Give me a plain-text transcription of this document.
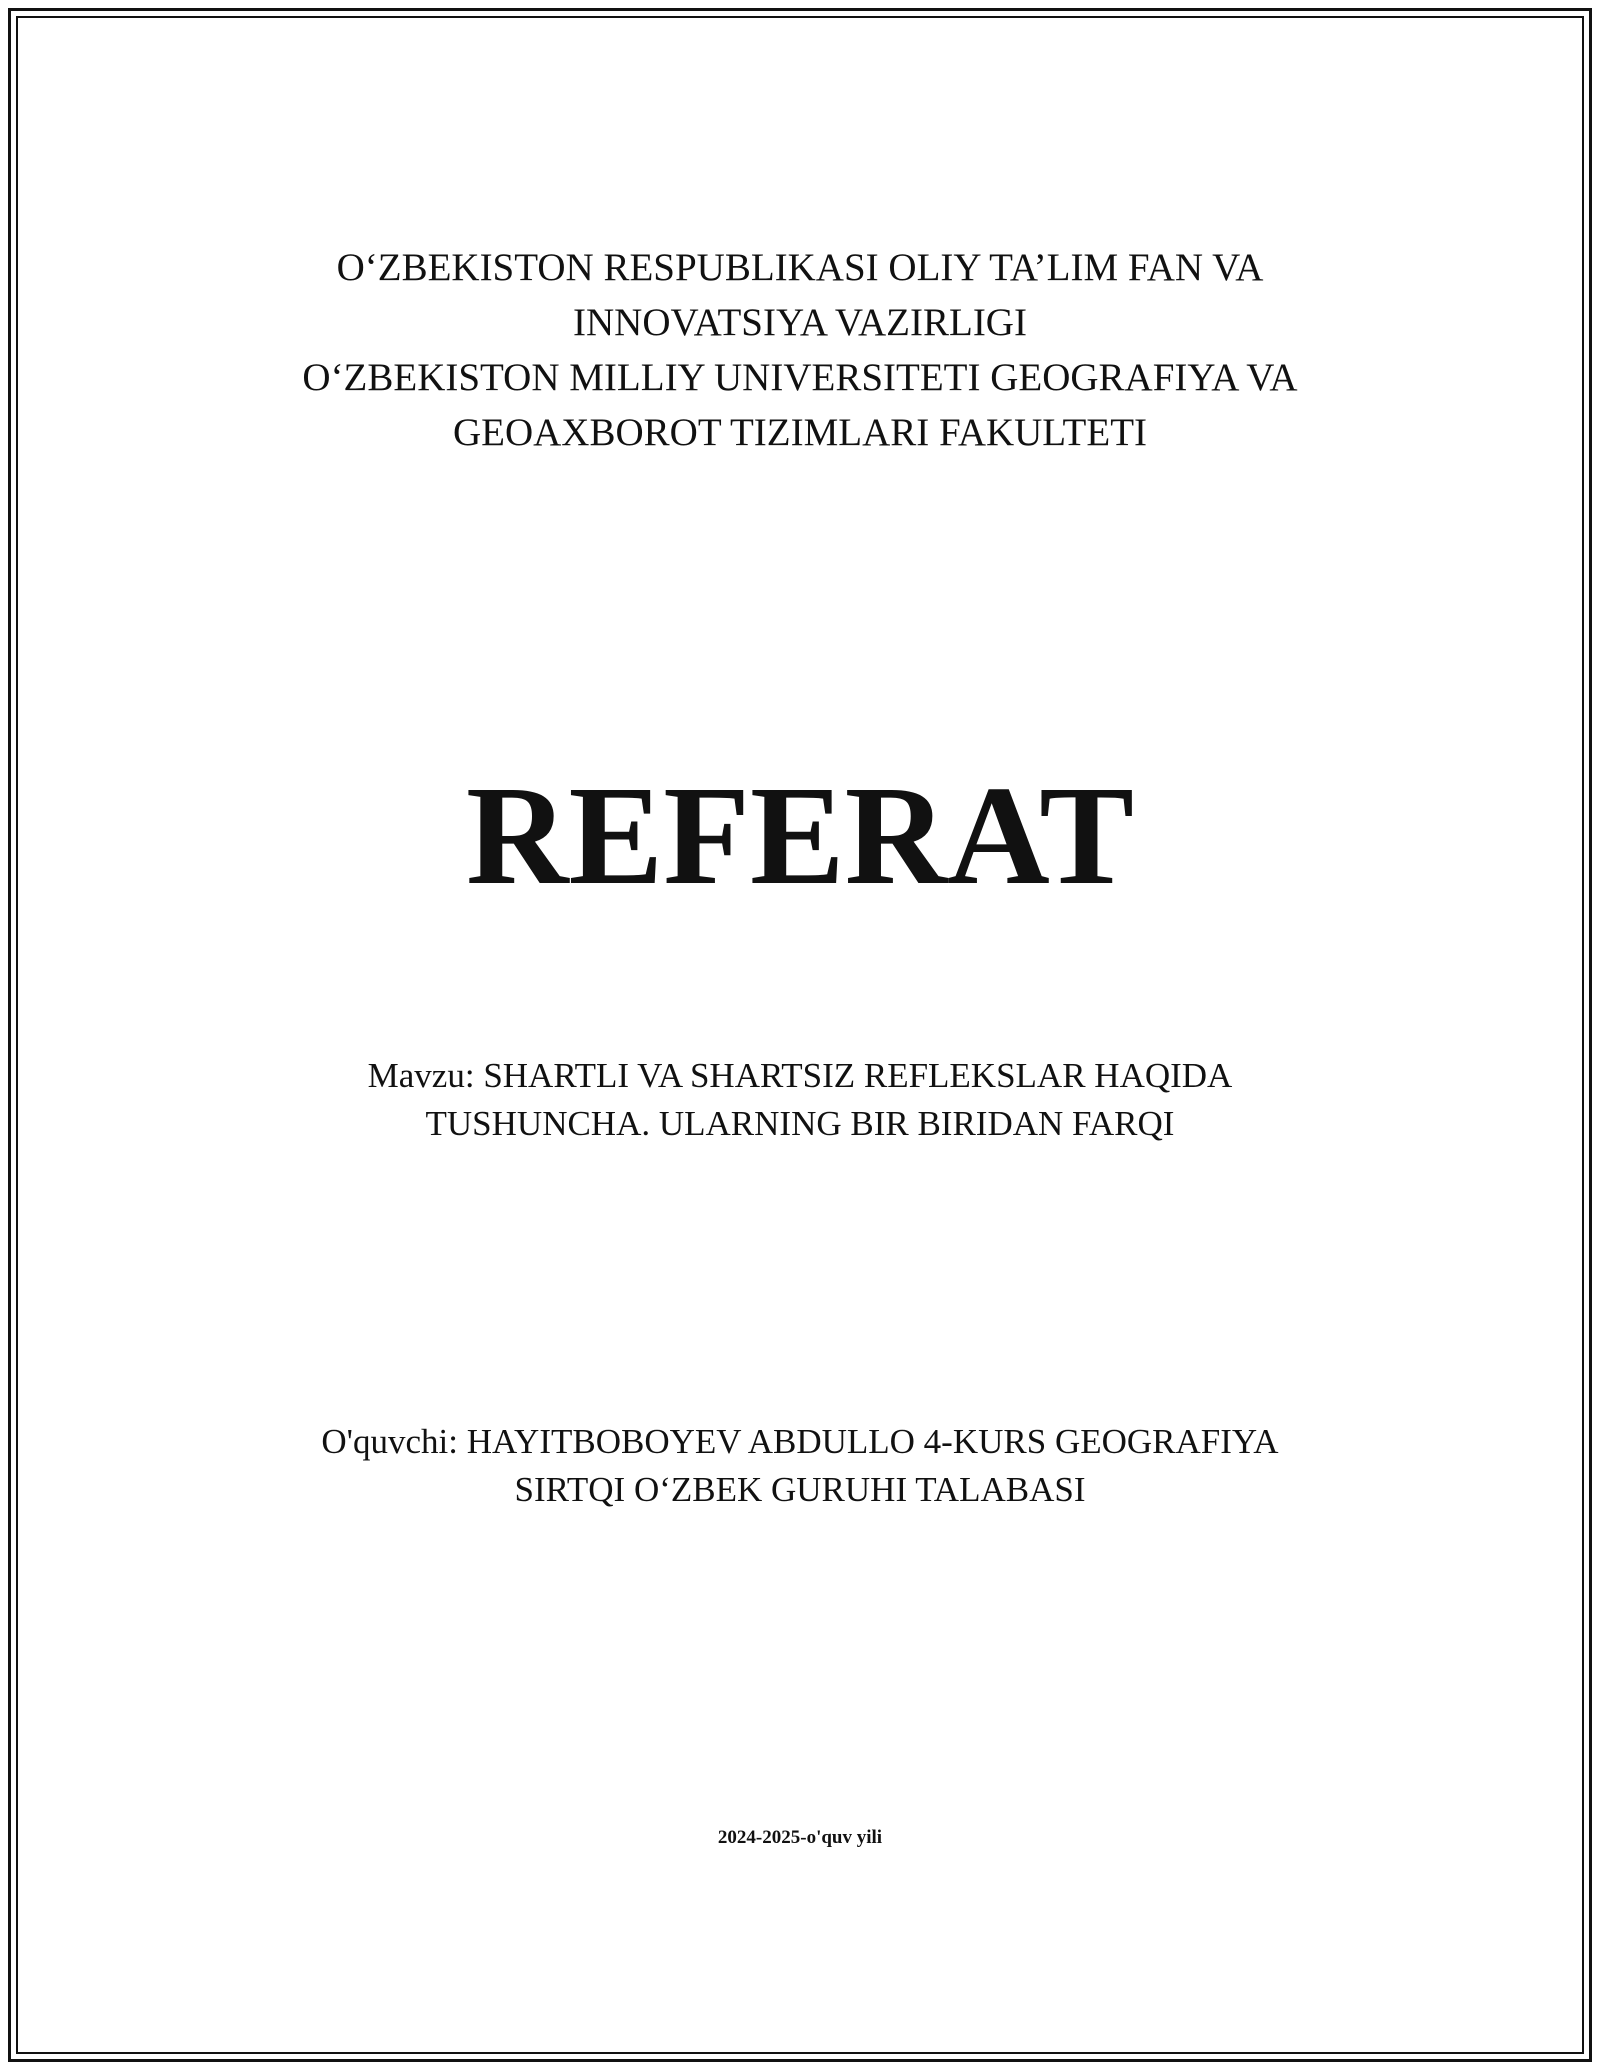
O‘ZBEKISTON RESPUBLIKASI OLIY TA’LIM FAN VA
INNOVATSIYA VAZIRLIGI
O‘ZBEKISTON MILLIY UNIVERSITETI GEOGRAFIYA VA
GEOAXBOROT TIZIMLARI FAKULTETI
REFERAT
Mavzu: SHARTLI VA SHARTSIZ REFLEKSLAR HAQIDA
TUSHUNCHA. ULARNING BIR BIRIDAN FARQI
O'quvchi: HAYITBOBOYEV ABDULLO 4-KURS GEOGRAFIYA
SIRTQI O‘ZBEK GURUHI TALABASI
2024-2025-o'quv yili
